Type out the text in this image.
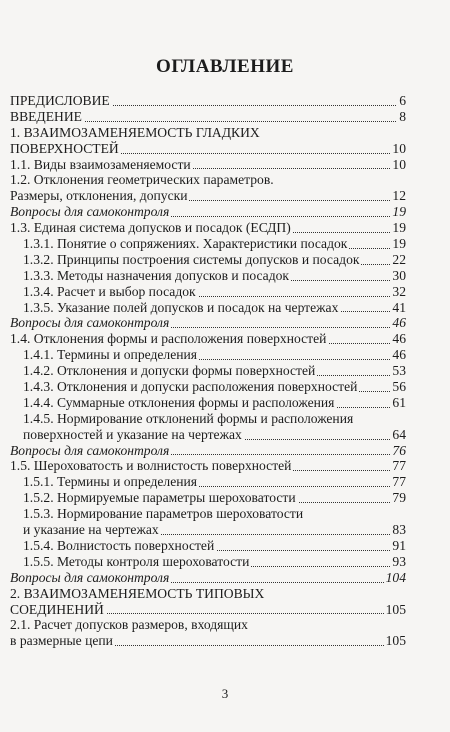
ОГЛАВЛЕНИЕ
ПРЕДИСЛОВИЕ	6
ВВЕДЕНИЕ	8
1. ВЗАИМОЗАМЕНЯЕМОСТЬ ГЛАДКИХ
ПОВЕРХНОСТЕЙ	10
1.1. Виды взаимозаменяемости	10
1.2. Отклонения геометрических параметров.
Размеры, отклонения, допуски	12
Вопросы для самоконтроля	19
1.3. Единая система допусков и посадок (ЕСДП)	19
1.3.1. Понятие о сопряжениях. Характеристики посадок	19
1.3.2. Принципы построения системы допусков и посадок 22
1.3.3. Методы назначения допусков и посадок	30
1.3.4. Расчет и выбор посадок	32
1.3.5. Указание полей допусков и посадок на чертежах	41
Вопросы для самоконтроля	46
1.4. Отклонения формы и расположения поверхностей	46
1.4.1. Термины и определения	46
1.4.2. Отклонения и допуски формы поверхностей	53
1.4.3. Отклонения и допуски расположения поверхностей	56
1.4.4. Суммарные отклонения формы и расположения	61
1.4.5. Нормирование отклонений формы и расположения
поверхностей и указание на чертежах	64
Вопросы для самоконтроля	76
1.5. Шероховатость и волнистость поверхностей	77
1.5.1. Термины и определения	77
1.5.2. Нормируемые параметры шероховатости	79
1.5.3. Нормирование параметров шероховатости
и указание на чертежах	83
1.5.4. Волнистость поверхностей	91
1.5.5. Методы контроля шероховатости	93
Вопросы для самоконтроля	104
2. ВЗАИМОЗАМЕНЯЕМОСТЬ ТИПОВЫХ
СОЕДИНЕНИЙ	105
2.1. Расчет допусков размеров, входящих
в размерные цепи	105
3
